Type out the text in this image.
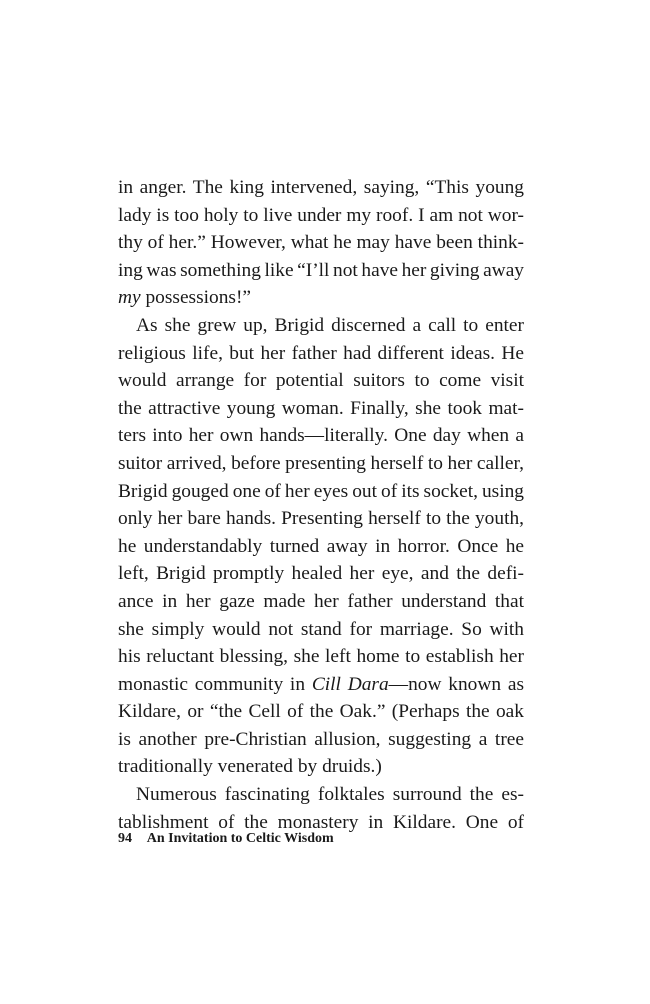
in anger. The king intervened, saying, “This young
lady is too holy to live under my roof. I am not wor-
thy of her.” However, what he may have been think-
ing was something like “I’ll not have her giving away
my possessions!”
As she grew up, Brigid discerned a call to enter
religious life, but her father had different ideas. He
would arrange for potential suitors to come visit
the attractive young woman. Finally, she took mat-
ters into her own hands—literally. One day when a
suitor arrived, before presenting herself to her caller,
Brigid gouged one of her eyes out of its socket, using
only her bare hands. Presenting herself to the youth,
he understandably turned away in horror. Once he
left, Brigid promptly healed her eye, and the defi-
ance in her gaze made her father understand that
she simply would not stand for marriage. So with
his reluctant blessing, she left home to establish her
monastic community in Cill Dara—now known as
Kildare, or “the Cell of the Oak.” (Perhaps the oak
is another pre-Christian allusion, suggesting a tree
traditionally venerated by druids.)
Numerous fascinating folktales surround the es-
tablishment of the monastery in Kildare. One of
94 An Invitation to Celtic Wisdom
